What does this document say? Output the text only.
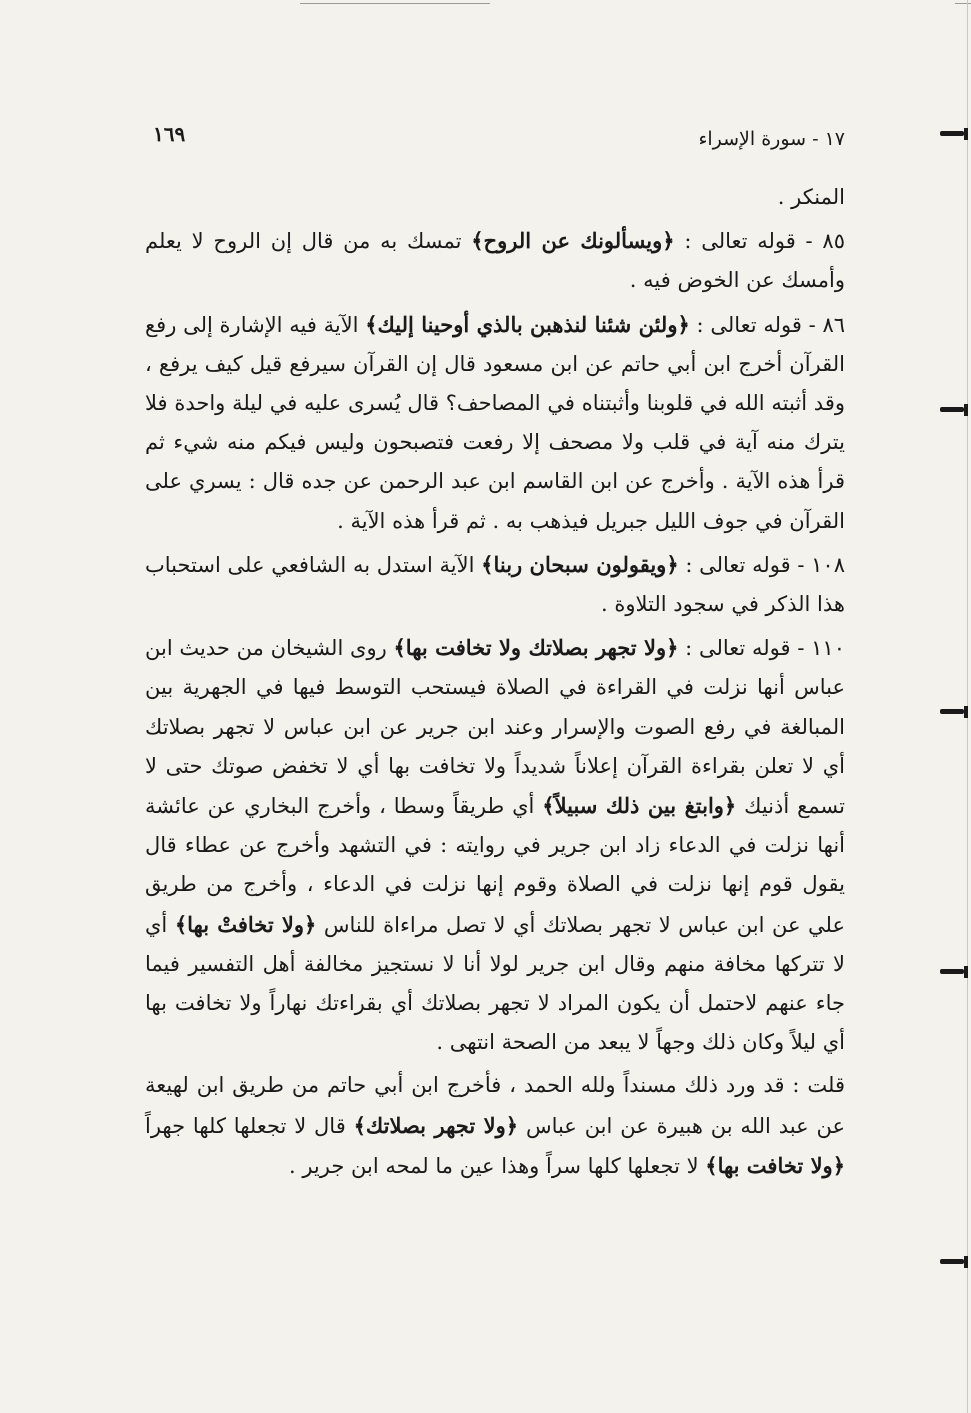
١٧ - سورة الإسراء
١٦٩

المنكر .

٨٥ - قوله تعالى : ﴿ويسألونك عن الروح﴾ تمسك به من قال إن الروح لا يعلم وأمسك عن الخوض فيه .

٨٦ - قوله تعالى : ﴿ولئن شئنا لنذهبن بالذي أوحينا إليك﴾ الآية فيه الإشارة إلى رفع القرآن أخرج ابن أبي حاتم عن ابن مسعود قال إن القرآن سيرفع قيل كيف يرفع ، وقد أثبته الله في قلوبنا وأثبتناه في المصاحف؟ قال يُسرى عليه في ليلة واحدة فلا يترك منه آية في قلب ولا مصحف إلا رفعت فتصبحون وليس فيكم منه شيء ثم قرأ هذه الآية . وأخرج عن ابن القاسم ابن عبد الرحمن عن جده قال : يسري على القرآن في جوف الليل جبريل فيذهب به . ثم قرأ هذه الآية .

١٠٨ - قوله تعالى : ﴿ويقولون سبحان ربنا﴾ الآية استدل به الشافعي على استحباب هذا الذكر في سجود التلاوة .

١١٠ - قوله تعالى : ﴿ولا تجهر بصلاتك ولا تخافت بها﴾ روى الشيخان من حديث ابن عباس أنها نزلت في القراءة في الصلاة فيستحب التوسط فيها في الجهرية بين المبالغة في رفع الصوت والإسرار وعند ابن جرير عن ابن عباس لا تجهر بصلاتك أي لا تعلن بقراءة القرآن إعلاناً شديداً ولا تخافت بها أي لا تخفض صوتك حتى لا تسمع أذنيك ﴿وابتغ بين ذلك سبيلاً﴾ أي طريقاً وسطا ، وأخرج البخاري عن عائشة أنها نزلت في الدعاء زاد ابن جرير في روايته : في التشهد وأخرج عن عطاء قال يقول قوم إنها نزلت في الصلاة وقوم إنها نزلت في الدعاء ، وأخرج من طريق علي عن ابن عباس لا تجهر بصلاتك أي لا تصل مراءاة للناس ﴿ولا تخافتْ بها﴾ أي لا تتركها مخافة منهم وقال ابن جرير لولا أنا لا نستجيز مخالفة أهل التفسير فيما جاء عنهم لاحتمل أن يكون المراد لا تجهر بصلاتك أي بقراءتك نهاراً ولا تخافت بها أي ليلاً وكان ذلك وجهاً لا يبعد من الصحة انتهى .

قلت : قد ورد ذلك مسنداً ولله الحمد ، فأخرج ابن أبي حاتم من طريق ابن لهيعة عن عبد الله بن هبيرة عن ابن عباس ﴿ولا تجهر بصلاتك﴾ قال لا تجعلها كلها جهراً ﴿ولا تخافت بها﴾ لا تجعلها كلها سراً وهذا عين ما لمحه ابن جرير .
